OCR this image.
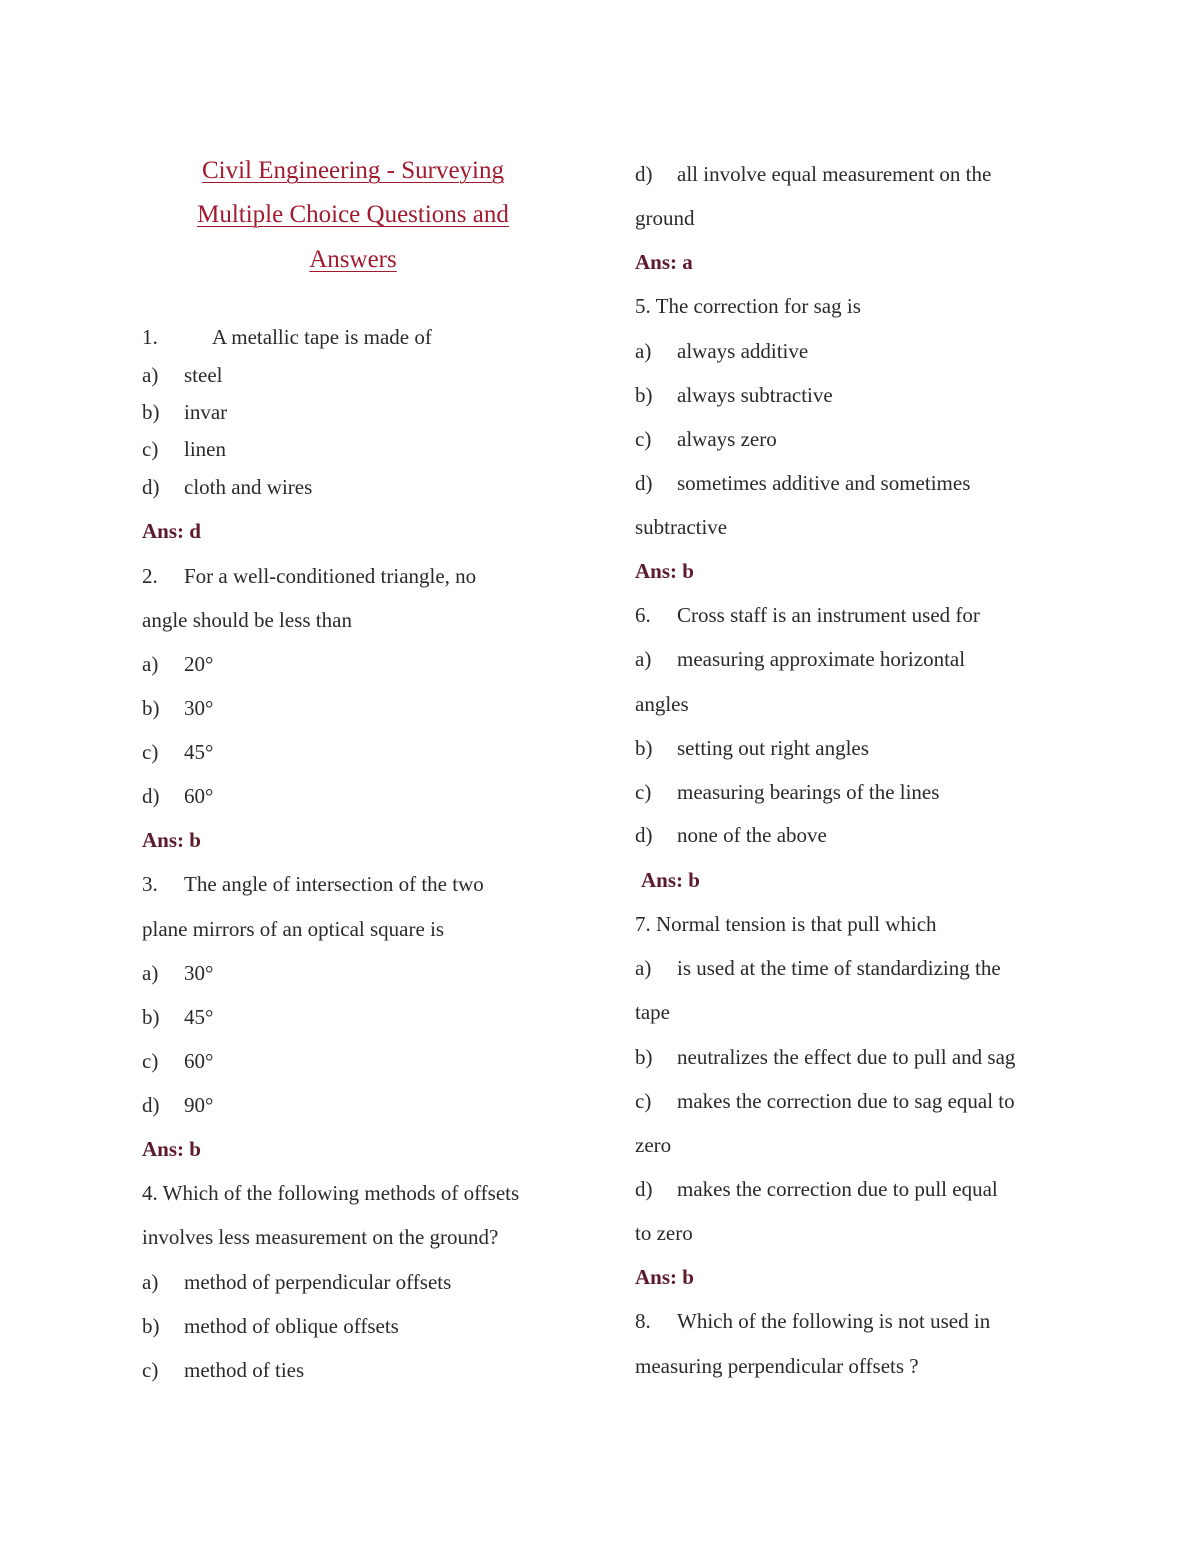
Civil Engineering - Surveying
Multiple Choice Questions and
Answers
1.	A metallic tape is made of
a) steel
b) invar
c) linen
d) cloth and wires
Ans: d
2. For a well-conditioned triangle, no
angle should be less than
a) 20°
b) 30°
c) 45°
d) 60°
Ans: b
3. The angle of intersection of the two
plane mirrors of an optical square is
a) 30°
b) 45°
c) 60°
d) 90°
Ans: b
4. Which of the following methods of offsets
involves less measurement on the ground?
a) method of perpendicular offsets
b) method of oblique offsets
c) method of ties
d) all involve equal measurement on the
ground
Ans: a
5. The correction for sag is
a) always additive
b) always subtractive
c) always zero
d) sometimes additive and sometimes
subtractive
Ans: b
6. Cross staff is an instrument used for
a) measuring approximate horizontal
angles
b) setting out right angles
c) measuring bearings of the lines
d) none of the above
Ans: b
7. Normal tension is that pull which
a) is used at the time of standardizing the
tape
b) neutralizes the effect due to pull and sag
c) makes the correction due to sag equal to
zero
d) makes the correction due to pull equal
to zero
Ans: b
8. Which of the following is not used in
measuring perpendicular offsets ?
